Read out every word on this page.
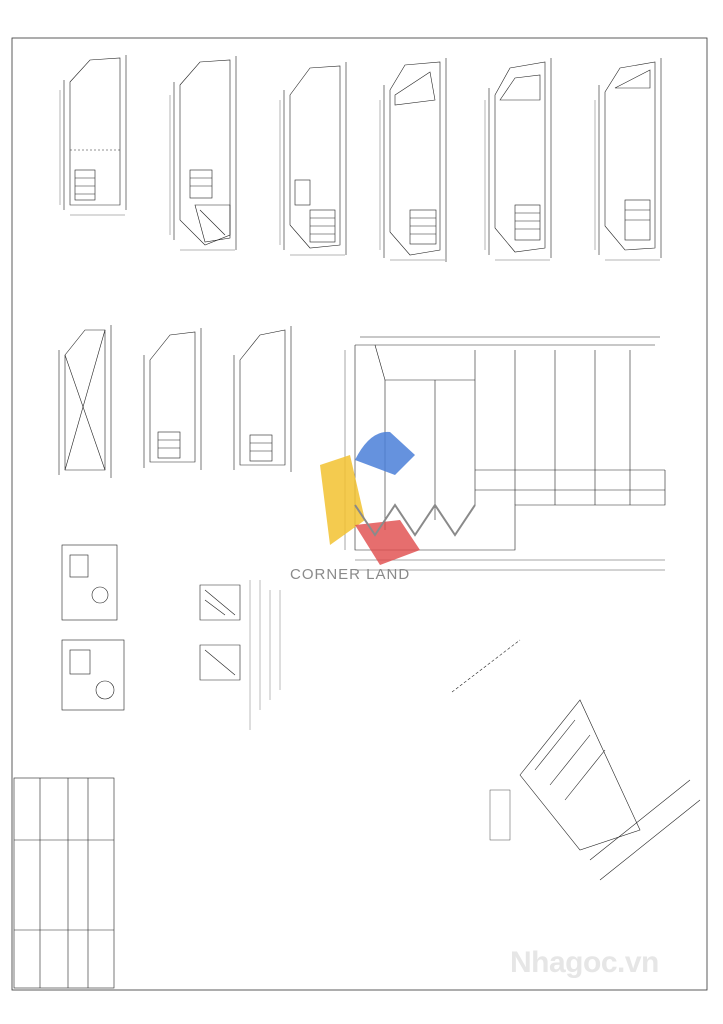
CORNER LAND
Nhagoc.vn
